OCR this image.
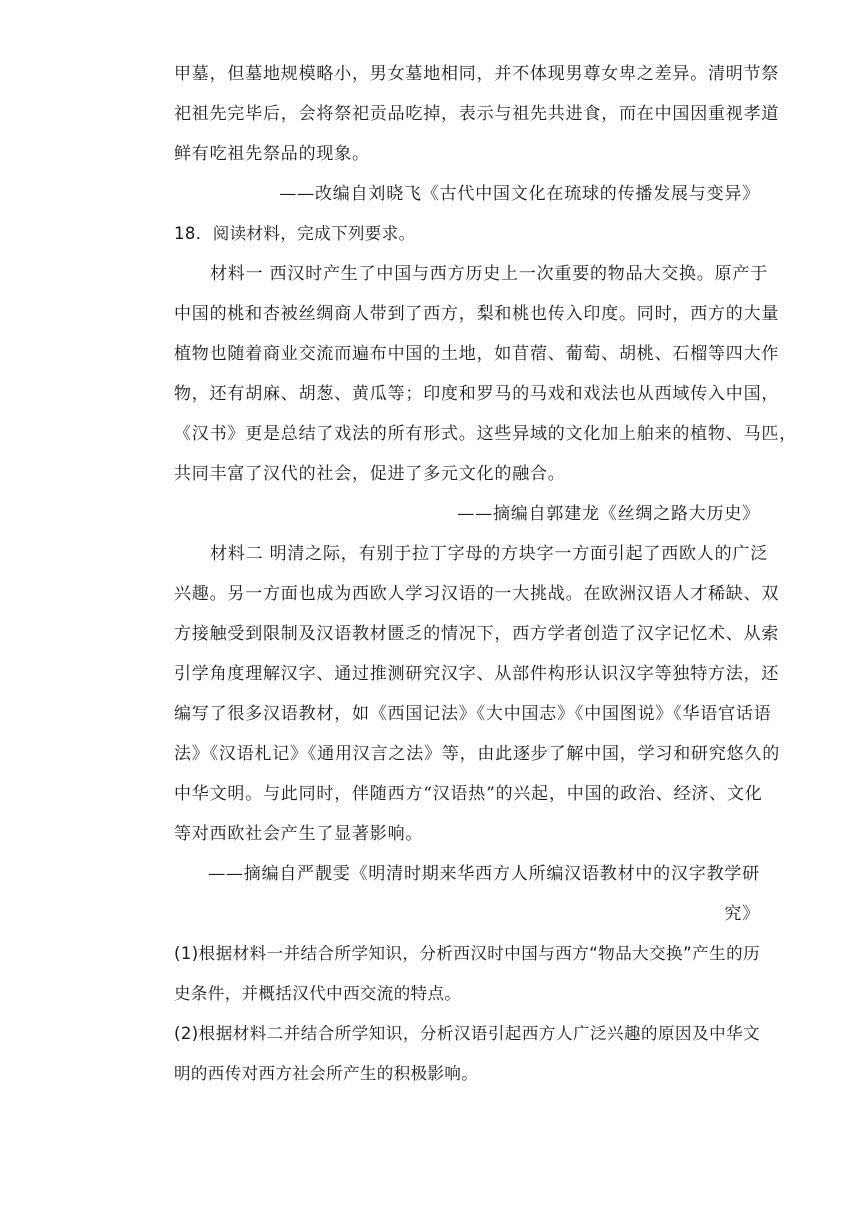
甲墓，但墓地规模略小，男女墓地相同，并不体现男尊女卑之差异。清明节祭
祀祖先完毕后，会将祭祀贡品吃掉，表示与祖先共进食，而在中国因重视孝道
鲜有吃祖先祭品的现象。
——改编自刘晓飞《古代中国文化在琉球的传播发展与变异》
18．阅读材料，完成下列要求。
材料一 西汉时产生了中国与西方历史上一次重要的物品大交换。原产于
中国的桃和杏被丝绸商人带到了西方，梨和桃也传入印度。同时，西方的大量
植物也随着商业交流而遍布中国的土地，如苜蓿、葡萄、胡桃、石榴等四大作
物，还有胡麻、胡葱、黄瓜等；印度和罗马的马戏和戏法也从西域传入中国，
《汉书》更是总结了戏法的所有形式。这些异域的文化加上舶来的植物、马匹，
共同丰富了汉代的社会，促进了多元文化的融合。
——摘编自郭建龙《丝绸之路大历史》
材料二 明清之际，有别于拉丁字母的方块字一方面引起了西欧人的广泛
兴趣。另一方面也成为西欧人学习汉语的一大挑战。在欧洲汉语人才稀缺、双
方接触受到限制及汉语教材匮乏的情况下，西方学者创造了汉字记忆术、从索
引学角度理解汉字、通过推测研究汉字、从部件构形认识汉字等独特方法，还
编写了很多汉语教材，如《西国记法》《大中国志》《中国图说》《华语官话语
法》《汉语札记》《通用汉言之法》等，由此逐步了解中国，学习和研究悠久的
中华文明。与此同时，伴随西方“汉语热”的兴起，中国的政治、经济、文化
等对西欧社会产生了显著影响。
——摘编自严靓雯《明清时期来华西方人所编汉语教材中的汉字教学研
究》
(1)根据材料一并结合所学知识，分析西汉时中国与西方“物品大交换”产生的历
史条件，并概括汉代中西交流的特点。
(2)根据材料二并结合所学知识，分析汉语引起西方人广泛兴趣的原因及中华文
明的西传对西方社会所产生的积极影响。
